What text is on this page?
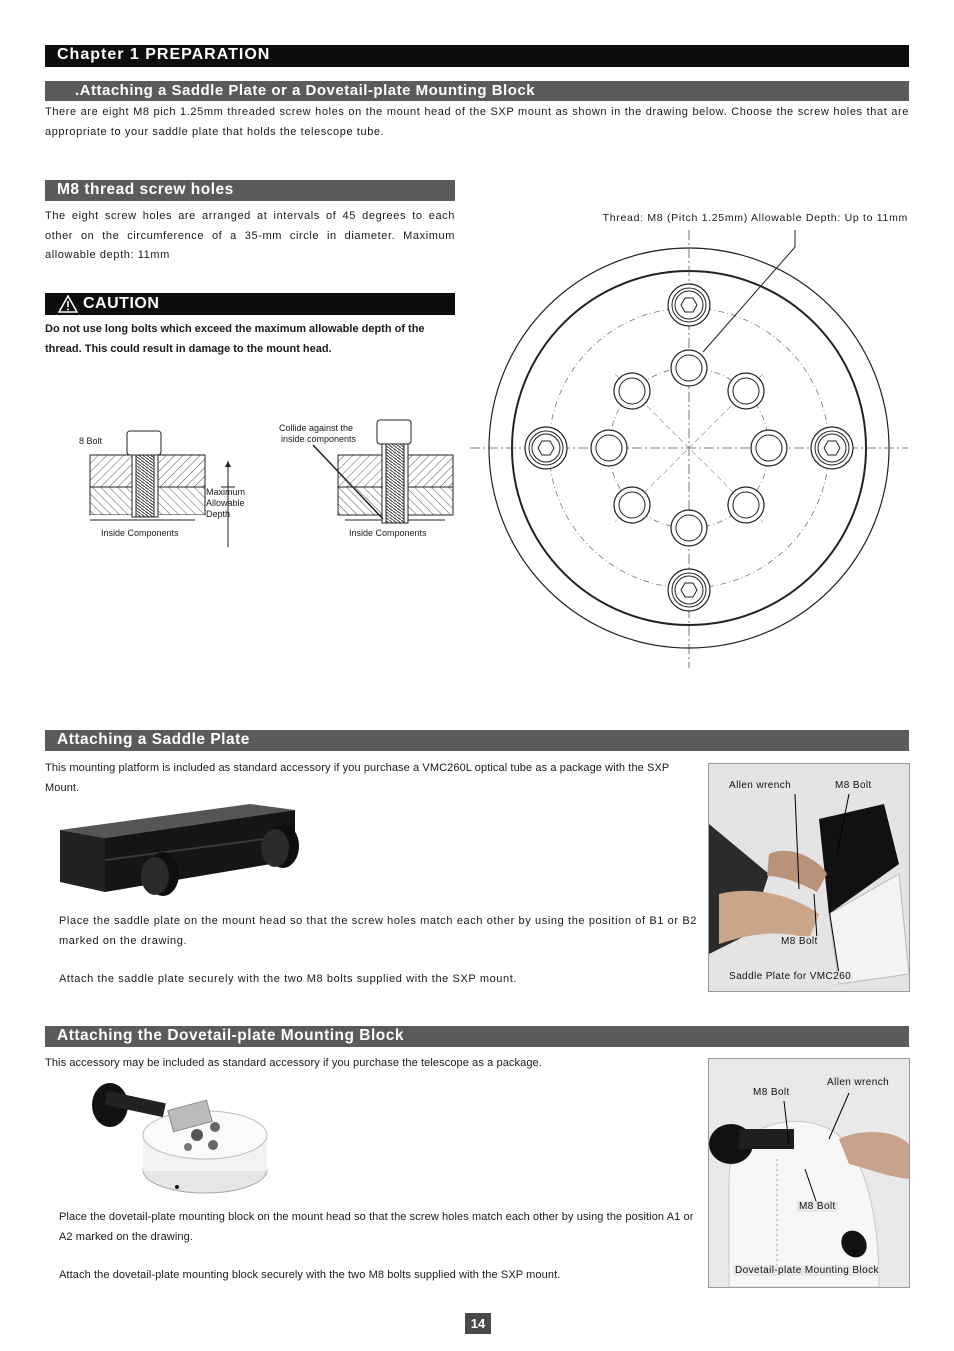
Chapter 1 PREPARATION
.Attaching a Saddle Plate or a Dovetail-plate Mounting Block
There are eight M8 pich 1.25mm threaded screw holes on the mount head of the SXP mount as shown in the drawing below. Choose the screw holes that are appropriate to your saddle plate that holds the telescope tube.
M8 thread screw holes
The eight screw holes are arranged at intervals of 45 degrees to each other on the circumference of a 35-mm circle in diameter. Maximum allowable depth: 11mm
CAUTION
Do not use long bolts which exceed the maximum allowable depth of the thread. This could result in damage to the mount head.
8 Bolt
Maximum
Allowable
Depth
Inside Components
Collide against the
inside components
Inside Components
Thread: M8 (Pitch 1.25mm) Allowable Depth: Up to 11mm
Attaching a Saddle Plate
This mounting platform is included as standard accessory if you purchase a VMC260L optical tube as a package with the SXP Mount.
Place the saddle plate on the mount head so that the screw holes match each other by using the position of B1 or B2 marked on the drawing.
Attach the saddle plate securely with the two M8 bolts supplied with the SXP mount.
Allen wrench	M8 Bolt
M8 Bolt
Saddle Plate for VMC260
Attaching the Dovetail-plate Mounting Block
This accessory may be included as standard accessory if you purchase the telescope as a package.
Place the dovetail-plate mounting block on the mount head so that the screw holes match each other by using the position A1 or A2 marked on the drawing.
Attach the dovetail-plate mounting block securely with the two M8 bolts supplied with the SXP mount.
M8 Bolt
Allen wrench
M8 Bolt
Dovetail-plate Mounting Block
14
